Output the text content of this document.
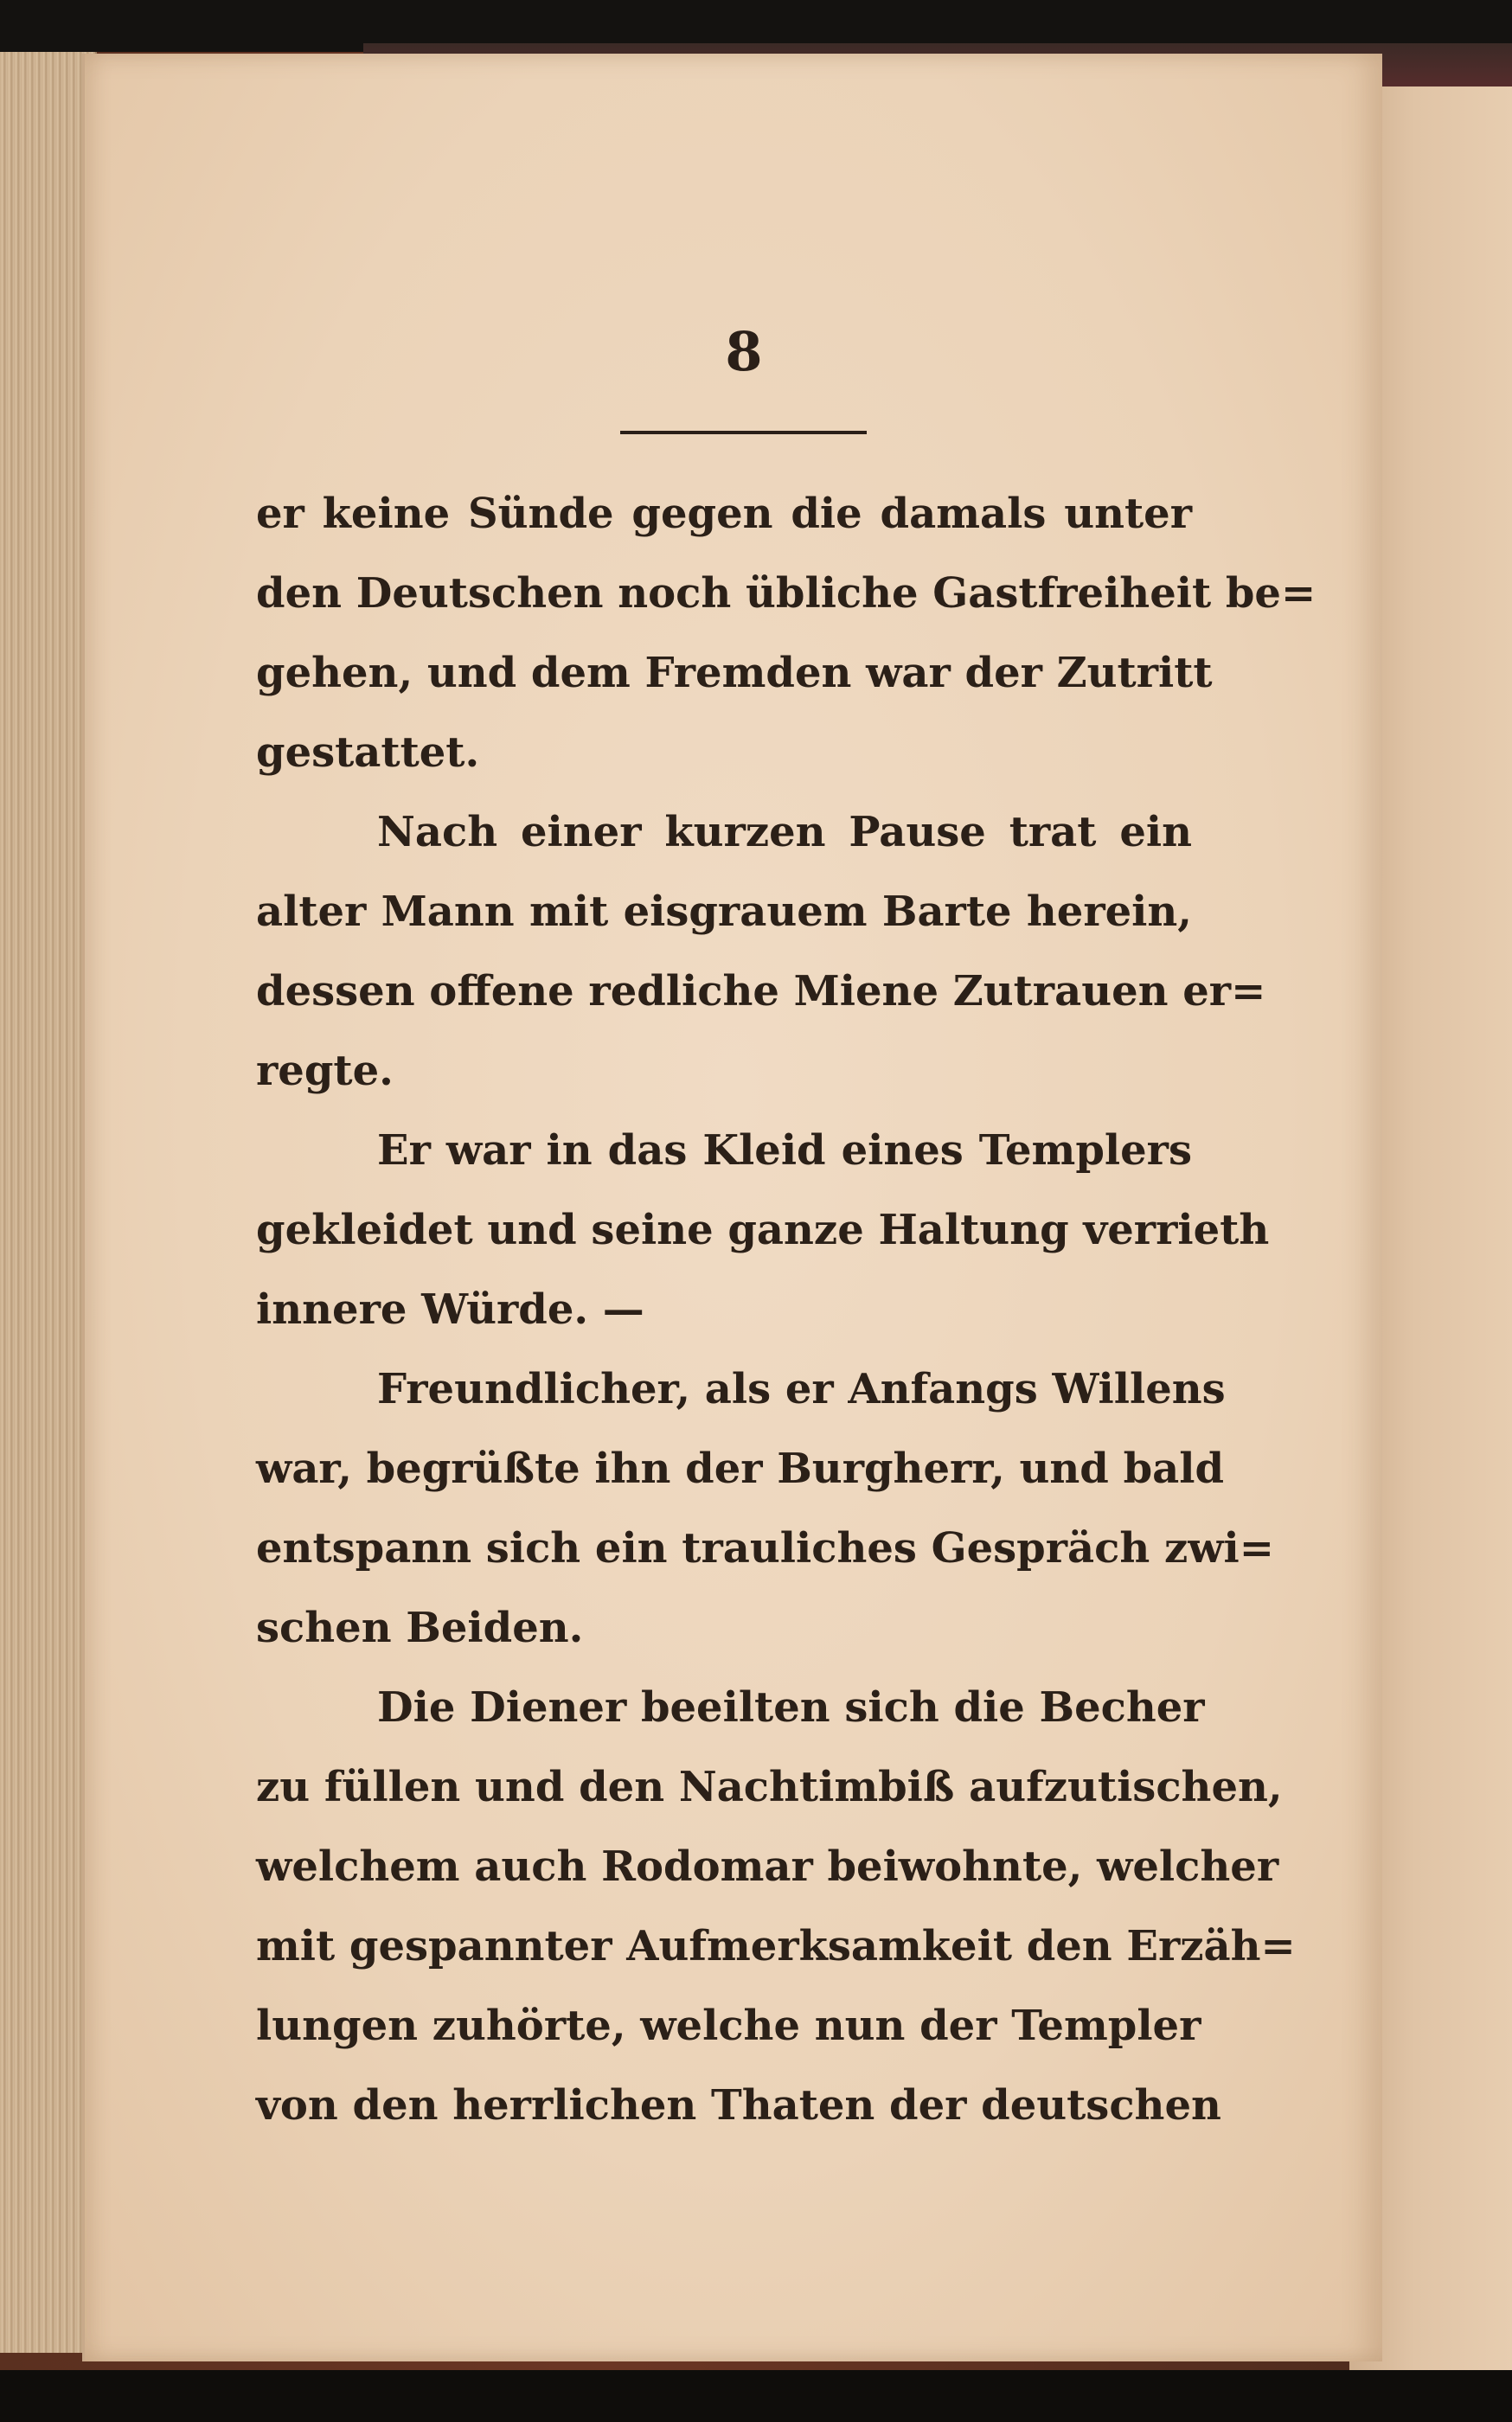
8
er keine Sünde gegen die damals unter
den Deutschen noch übliche Gastfreiheit be=
gehen, und dem Fremden war der Zutritt
gestattet.
Nach einer kurzen Pause trat ein
alter Mann mit eisgrauem Barte herein,
dessen offene redliche Miene Zutrauen er=
regte.
Er war in das Kleid eines Templers
gekleidet und seine ganze Haltung verrieth
innere Würde. —
Freundlicher, als er Anfangs Willens
war, begrüßte ihn der Burgherr, und bald
entspann sich ein trauliches Gespräch zwi=
schen Beiden.
Die Diener beeilten sich die Becher
zu füllen und den Nachtimbiß aufzutischen,
welchem auch Rodomar beiwohnte, welcher
mit gespannter Aufmerksamkeit den Erzäh=
lungen zuhörte, welche nun der Templer
von den herrlichen Thaten der deutschen
